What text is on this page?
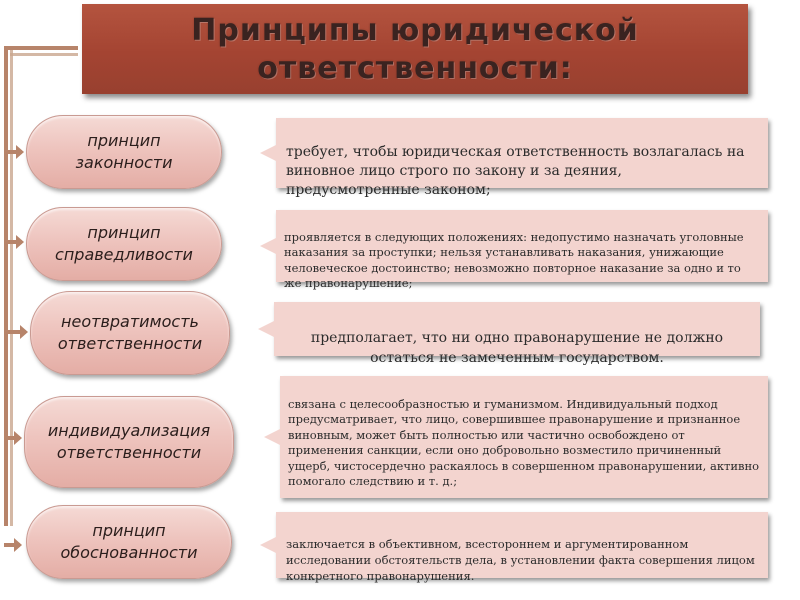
Принципы юридической ответственности:
принцип законности

требует, чтобы юридическая ответственность возлагалась на виновное лицо строго по закону и за деяния, предусмотренные законом;

принцип справедливости

проявляется в следующих положениях: недопустимо назначать уголовные наказания за проступки; нельзя устанавливать наказания, унижающие человеческое достоинство; невозможно повторное наказание за одно и то же правонарушение;

неотвратимость ответственности	предполагает, что ни одно правонарушение не должно остаться не замеченным государством.

индивидуализация ответственности

связана с целесообразностью и гуманизмом. Индивидуальный подход предусматривает, что лицо, совершившее правонарушение и признанное виновным, может быть полностью или частично освобождено от применения санкции, если оно добровольно возместило причиненный ущерб, чистосердечно раскаялось в совершенном правонарушении, активно помогало следствию и т. д.;

принцип обоснованности	заключается в объективном, всестороннем и аргументированном исследовании обстоятельств дела, в установлении факта совершения лицом конкретного правонарушения.
